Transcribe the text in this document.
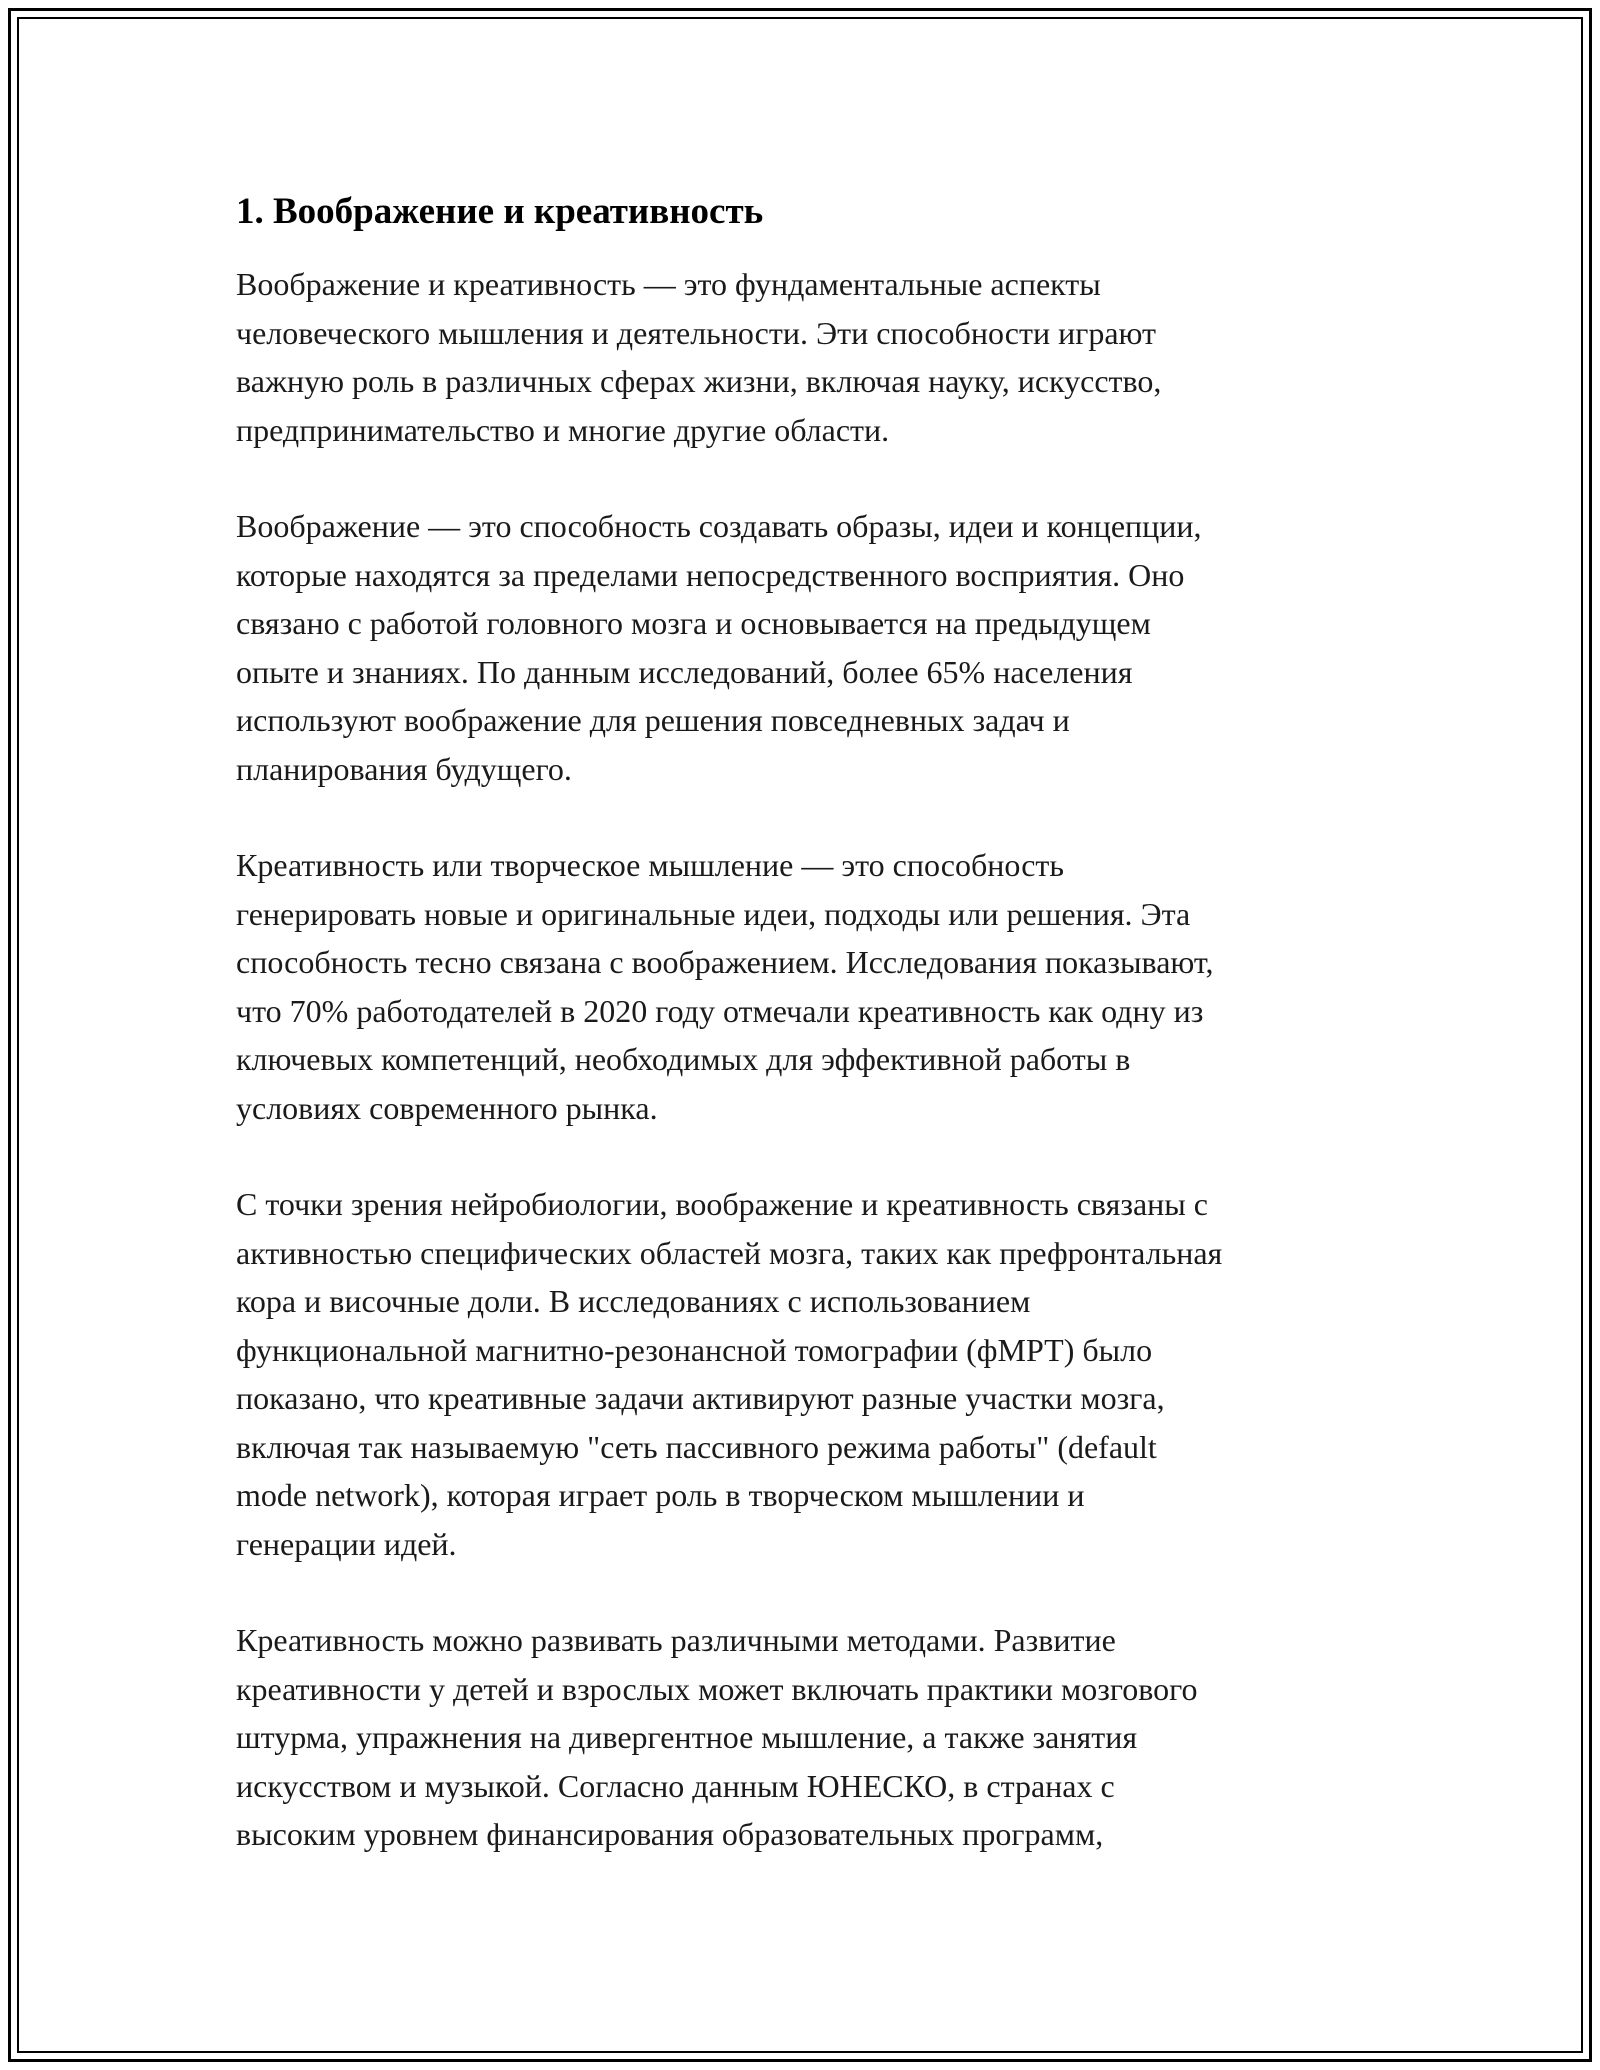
1. Воображение и креативность

Воображение и креативность — это фундаментальные аспекты
человеческого мышления и деятельности. Эти способности играют
важную роль в различных сферах жизни, включая науку, искусство,
предпринимательство и многие другие области.

Воображение — это способность создавать образы, идеи и концепции,
которые находятся за пределами непосредственного восприятия. Оно
связано с работой головного мозга и основывается на предыдущем
опыте и знаниях. По данным исследований, более 65% населения
используют воображение для решения повседневных задач и
планирования будущего.

Креативность или творческое мышление — это способность
генерировать новые и оригинальные идеи, подходы или решения. Эта
способность тесно связана с воображением. Исследования показывают,
что 70% работодателей в 2020 году отмечали креативность как одну из
ключевых компетенций, необходимых для эффективной работы в
условиях современного рынка.

С точки зрения нейробиологии, воображение и креативность связаны с
активностью специфических областей мозга, таких как префронтальная
кора и височные доли. В исследованиях с использованием
функциональной магнитно-резонансной томографии (фМРТ) было
показано, что креативные задачи активируют разные участки мозга,
включая так называемую "сеть пассивного режима работы" (default
mode network), которая играет роль в творческом мышлении и
генерации идей.

Креативность можно развивать различными методами. Развитие
креативности у детей и взрослых может включать практики мозгового
штурма, упражнения на дивергентное мышление, а также занятия
искусством и музыкой. Согласно данным ЮНЕСКО, в странах с
высоким уровнем финансирования образовательных программ,
